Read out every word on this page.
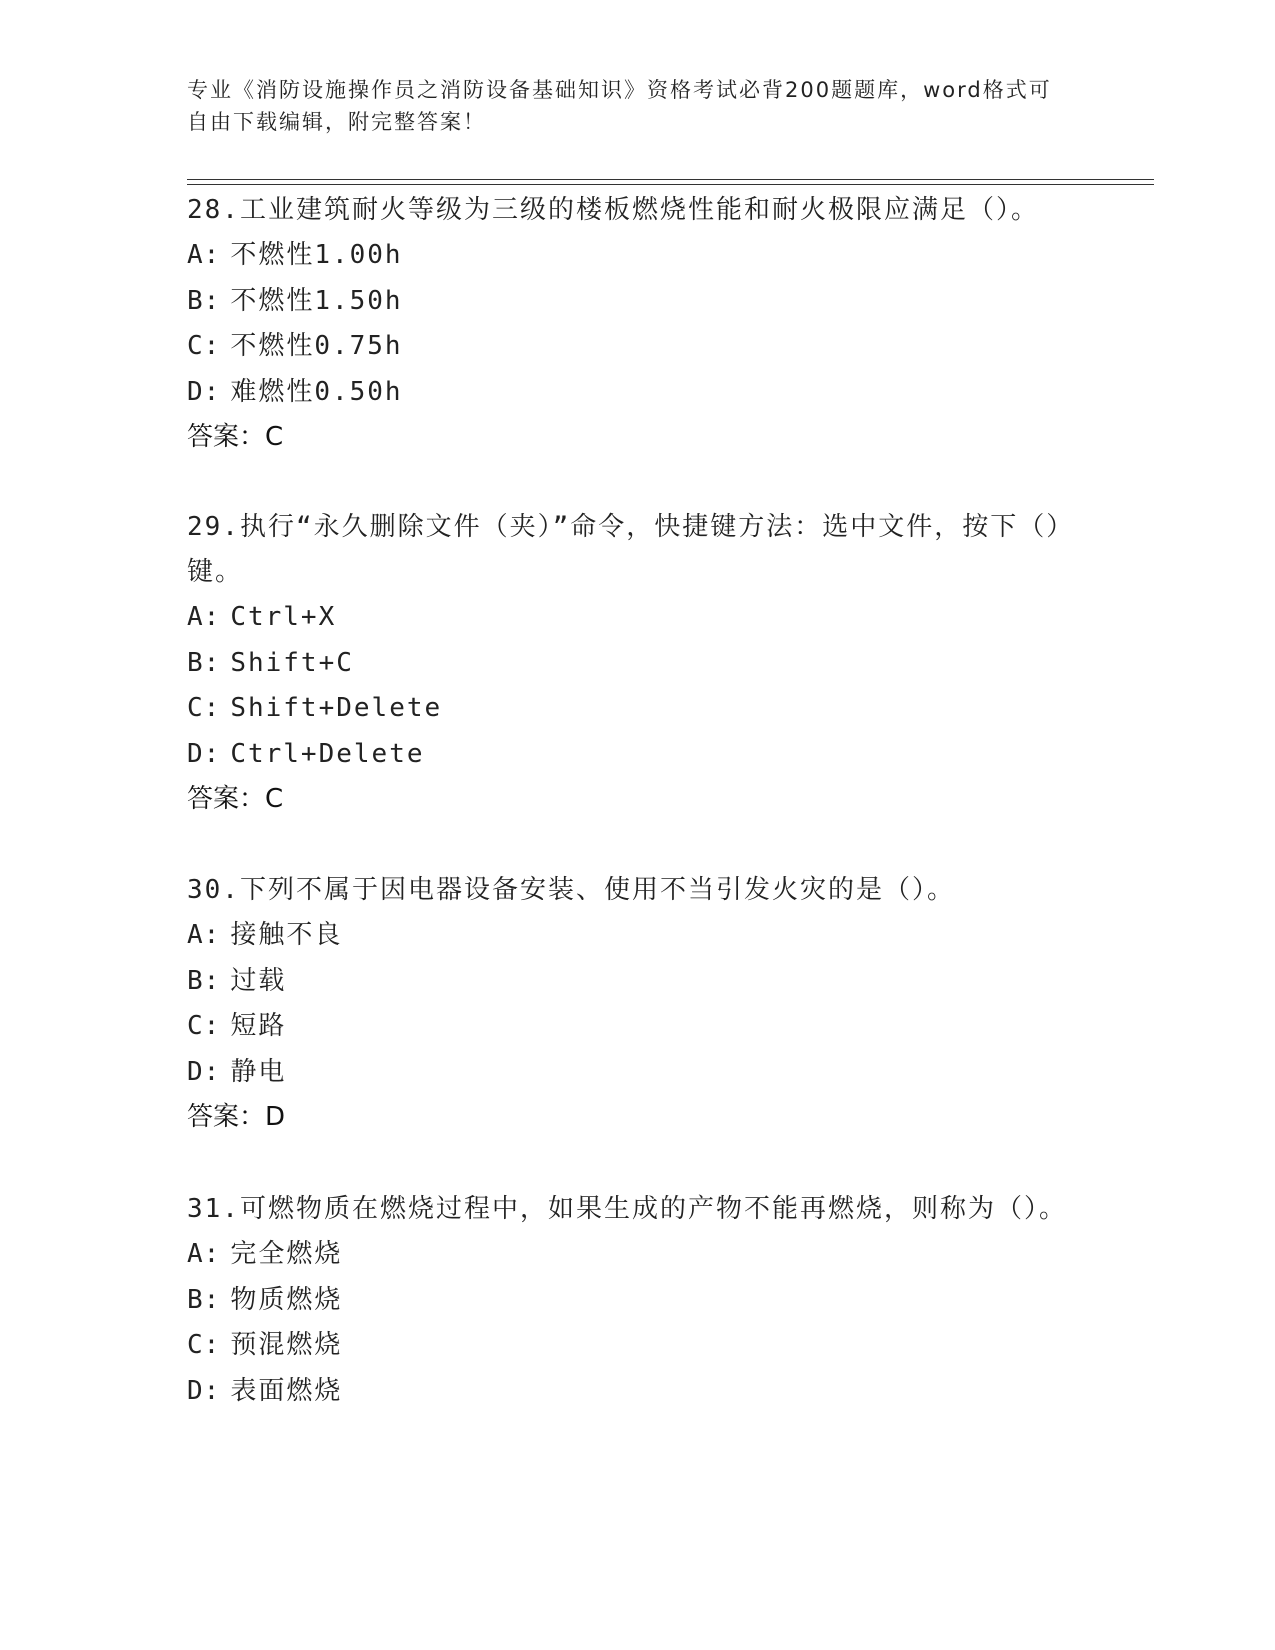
专业《消防设施操作员之消防设备基础知识》资格考试必背200题题库，word格式可自由下载编辑，附完整答案！

28.工业建筑耐火等级为三级的楼板燃烧性能和耐火极限应满足（）。

A: 不燃性1.00h
B: 不燃性1.50h
C: 不燃性0.75h
D: 难燃性0.50h
答案：C

29.执行“永久删除文件（夹）”命令，快捷键方法：选中文件，按下（）键。

A: Ctrl+X
B: Shift+C
C: Shift+Delete
D: Ctrl+Delete
答案：C

30.下列不属于因电器设备安装、使用不当引发火灾的是（）。

A: 接触不良
B: 过载
C: 短路
D: 静电
答案：D

31.可燃物质在燃烧过程中，如果生成的产物不能再燃烧，则称为（）。

A: 完全燃烧
B: 物质燃烧
C: 预混燃烧
D: 表面燃烧
